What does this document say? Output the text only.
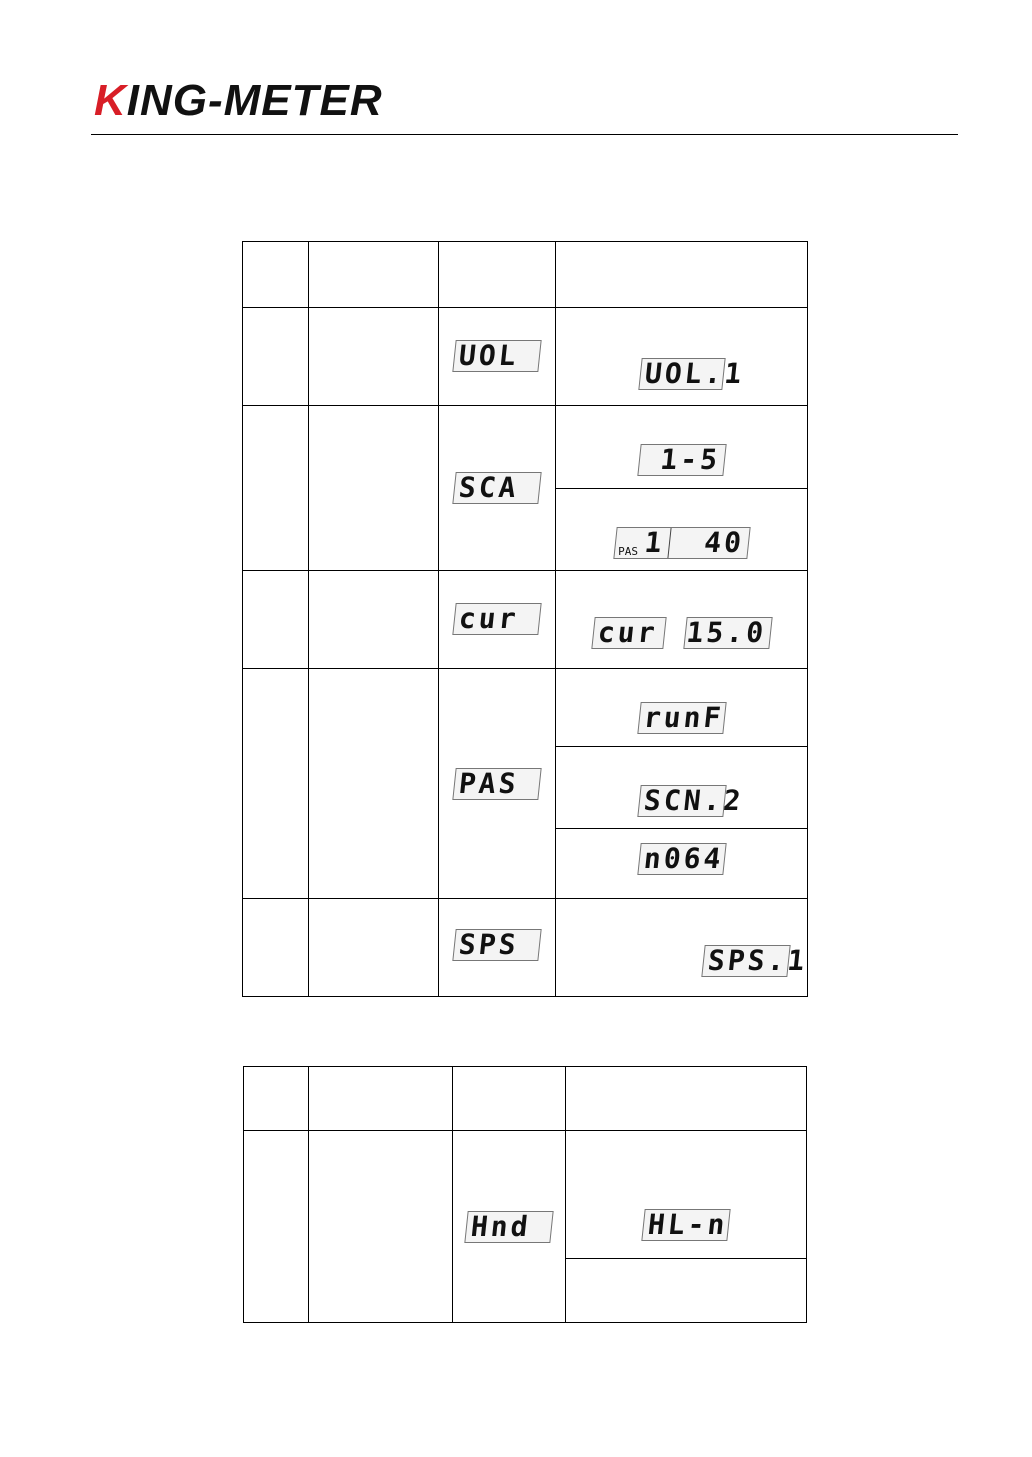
KING-METER

		UOL	UOL.1
		SCA	1-5

			PAS 1 40

		cur	cur 15.0
		PAS	runF
			SCN.2
			n064
		SPS	SPS.1

		Hnd	HL-n
